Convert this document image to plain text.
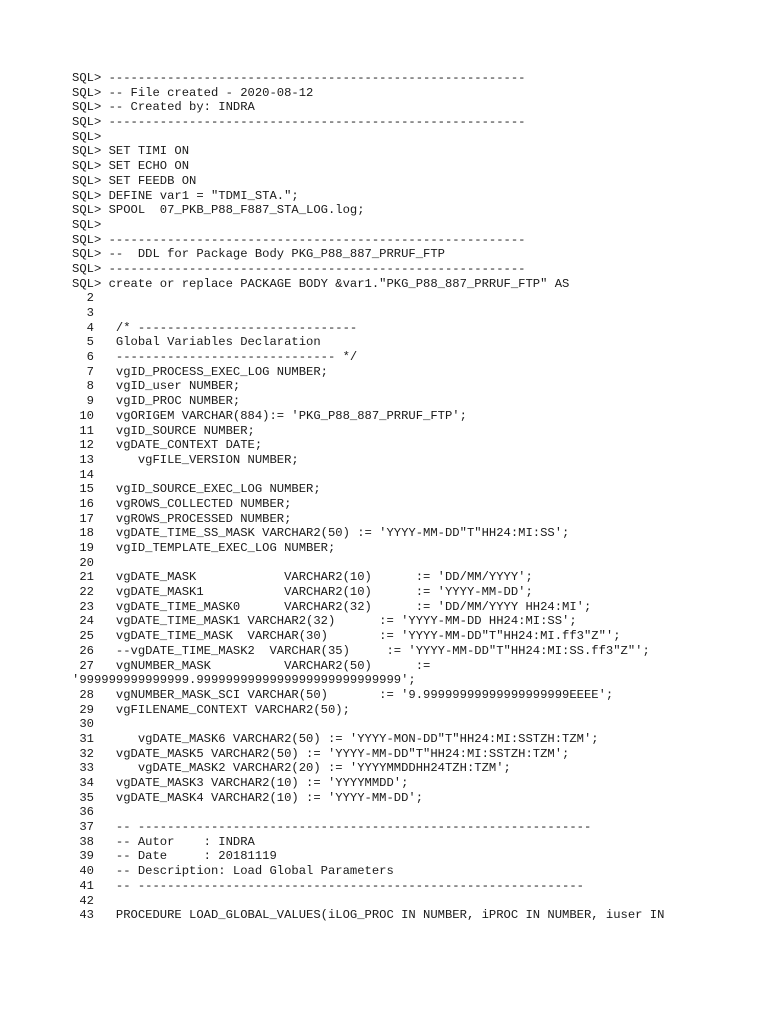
SQL> ---------------------------------------------------------
SQL> -- File created - 2020-08-12
SQL> -- Created by: INDRA
SQL> ---------------------------------------------------------
SQL>
SQL> SET TIMI ON
SQL> SET ECHO ON
SQL> SET FEEDB ON
SQL> DEFINE var1 = "TDMI_STA.";
SQL> SPOOL  07_PKB_P88_F887_STA_LOG.log;
SQL>
SQL> ---------------------------------------------------------
SQL> --  DDL for Package Body PKG_P88_887_PRRUF_FTP
SQL> ---------------------------------------------------------
SQL> create or replace PACKAGE BODY &var1."PKG_P88_887_PRRUF_FTP" AS
2
3
4   /* ------------------------------
5   Global Variables Declaration
6   ------------------------------ */
7   vgID_PROCESS_EXEC_LOG NUMBER;
8   vgID_user NUMBER;
9   vgID_PROC NUMBER;
10   vgORIGEM VARCHAR(884):= 'PKG_P88_887_PRRUF_FTP';
11   vgID_SOURCE NUMBER;
12   vgDATE_CONTEXT DATE;
13      vgFILE_VERSION NUMBER;
14
15   vgID_SOURCE_EXEC_LOG NUMBER;
16   vgROWS_COLLECTED NUMBER;
17   vgROWS_PROCESSED NUMBER;
18   vgDATE_TIME_SS_MASK VARCHAR2(50) := 'YYYY-MM-DD"T"HH24:MI:SS';
19   vgID_TEMPLATE_EXEC_LOG NUMBER;
20
21   vgDATE_MASK            VARCHAR2(10)      := 'DD/MM/YYYY';
22   vgDATE_MASK1           VARCHAR2(10)      := 'YYYY-MM-DD';
23   vgDATE_TIME_MASK0      VARCHAR2(32)      := 'DD/MM/YYYY HH24:MI';
24   vgDATE_TIME_MASK1 VARCHAR2(32)      := 'YYYY-MM-DD HH24:MI:SS';
25   vgDATE_TIME_MASK  VARCHAR(30)       := 'YYYY-MM-DD"T"HH24:MI.ff3"Z"';
26   --vgDATE_TIME_MASK2  VARCHAR(35)     := 'YYYY-MM-DD"T"HH24:MI:SS.ff3"Z"';
27   vgNUMBER_MASK          VARCHAR2(50)      :=
'999999999999999.9999999999999999999999999999';
28   vgNUMBER_MASK_SCI VARCHAR(50)       := '9.99999999999999999999EEEE';
29   vgFILENAME_CONTEXT VARCHAR2(50);
30
31      vgDATE_MASK6 VARCHAR2(50) := 'YYYY-MON-DD"T"HH24:MI:SSTZH:TZM';
32   vgDATE_MASK5 VARCHAR2(50) := 'YYYY-MM-DD"T"HH24:MI:SSTZH:TZM';
33      vgDATE_MASK2 VARCHAR2(20) := 'YYYYMMDDHH24TZH:TZM';
34   vgDATE_MASK3 VARCHAR2(10) := 'YYYYMMDD';
35   vgDATE_MASK4 VARCHAR2(10) := 'YYYY-MM-DD';
36
37   -- --------------------------------------------------------------
38   -- Autor    : INDRA
39   -- Date     : 20181119
40   -- Description: Load Global Parameters
41   -- -------------------------------------------------------------
42
43   PROCEDURE LOAD_GLOBAL_VALUES(iLOG_PROC IN NUMBER, iPROC IN NUMBER, iuser IN
